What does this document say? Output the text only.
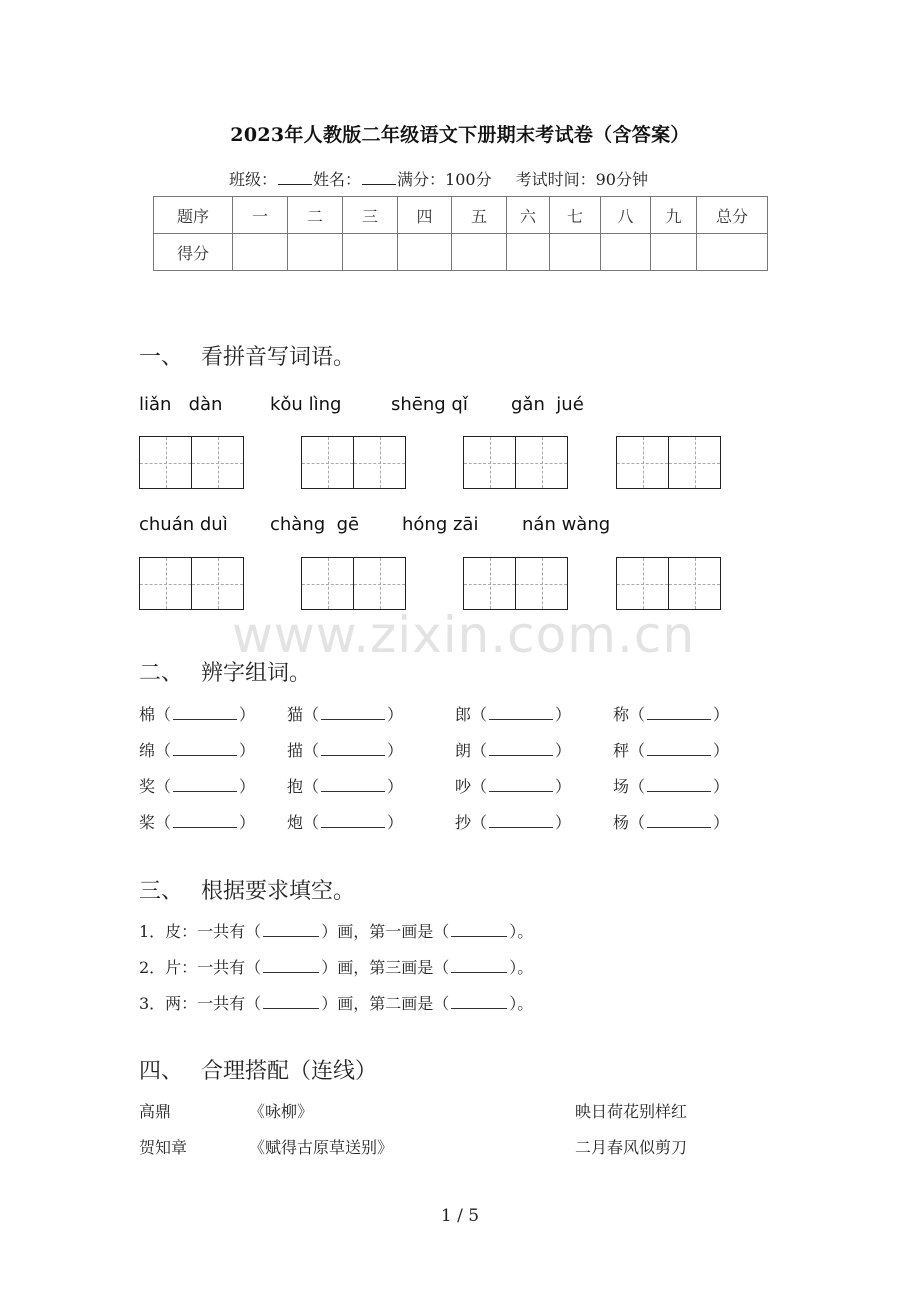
2023年人教版二年级语文下册期末考试卷（含答案）
班级： 姓名： 满分：100分 考试时间：90分钟
题序	一	二	三	四	五	六	七	八	九	总分
得分										
一、 看拼音写词语。
liǎn   dàn	kǒu lìng	shēng qǐ gǎn  jué
chuán duì chàng  gē hóng zāi nán wàng
www.zixin.com.cn
二、 辨字组词。
棉（	） 猫（	）	郎（	）	称（	）
绵（	） 描（	）	朗（	）	秤（	）
奖（	） 抱（	）	吵（	）	场（	）
桨（	） 炮（	）	抄（	）	杨（	）
三、 根据要求填空。
1．皮：一共有（	）画，第一画是（	）。
2．片：一共有（	）画，第三画是（	）。
3．两：一共有（	）画，第二画是（	）。
四、 合理搭配（连线）
高鼎	《咏柳》	映日荷花别样红
贺知章	《赋得古原草送别》	二月春风似剪刀
1 / 5
